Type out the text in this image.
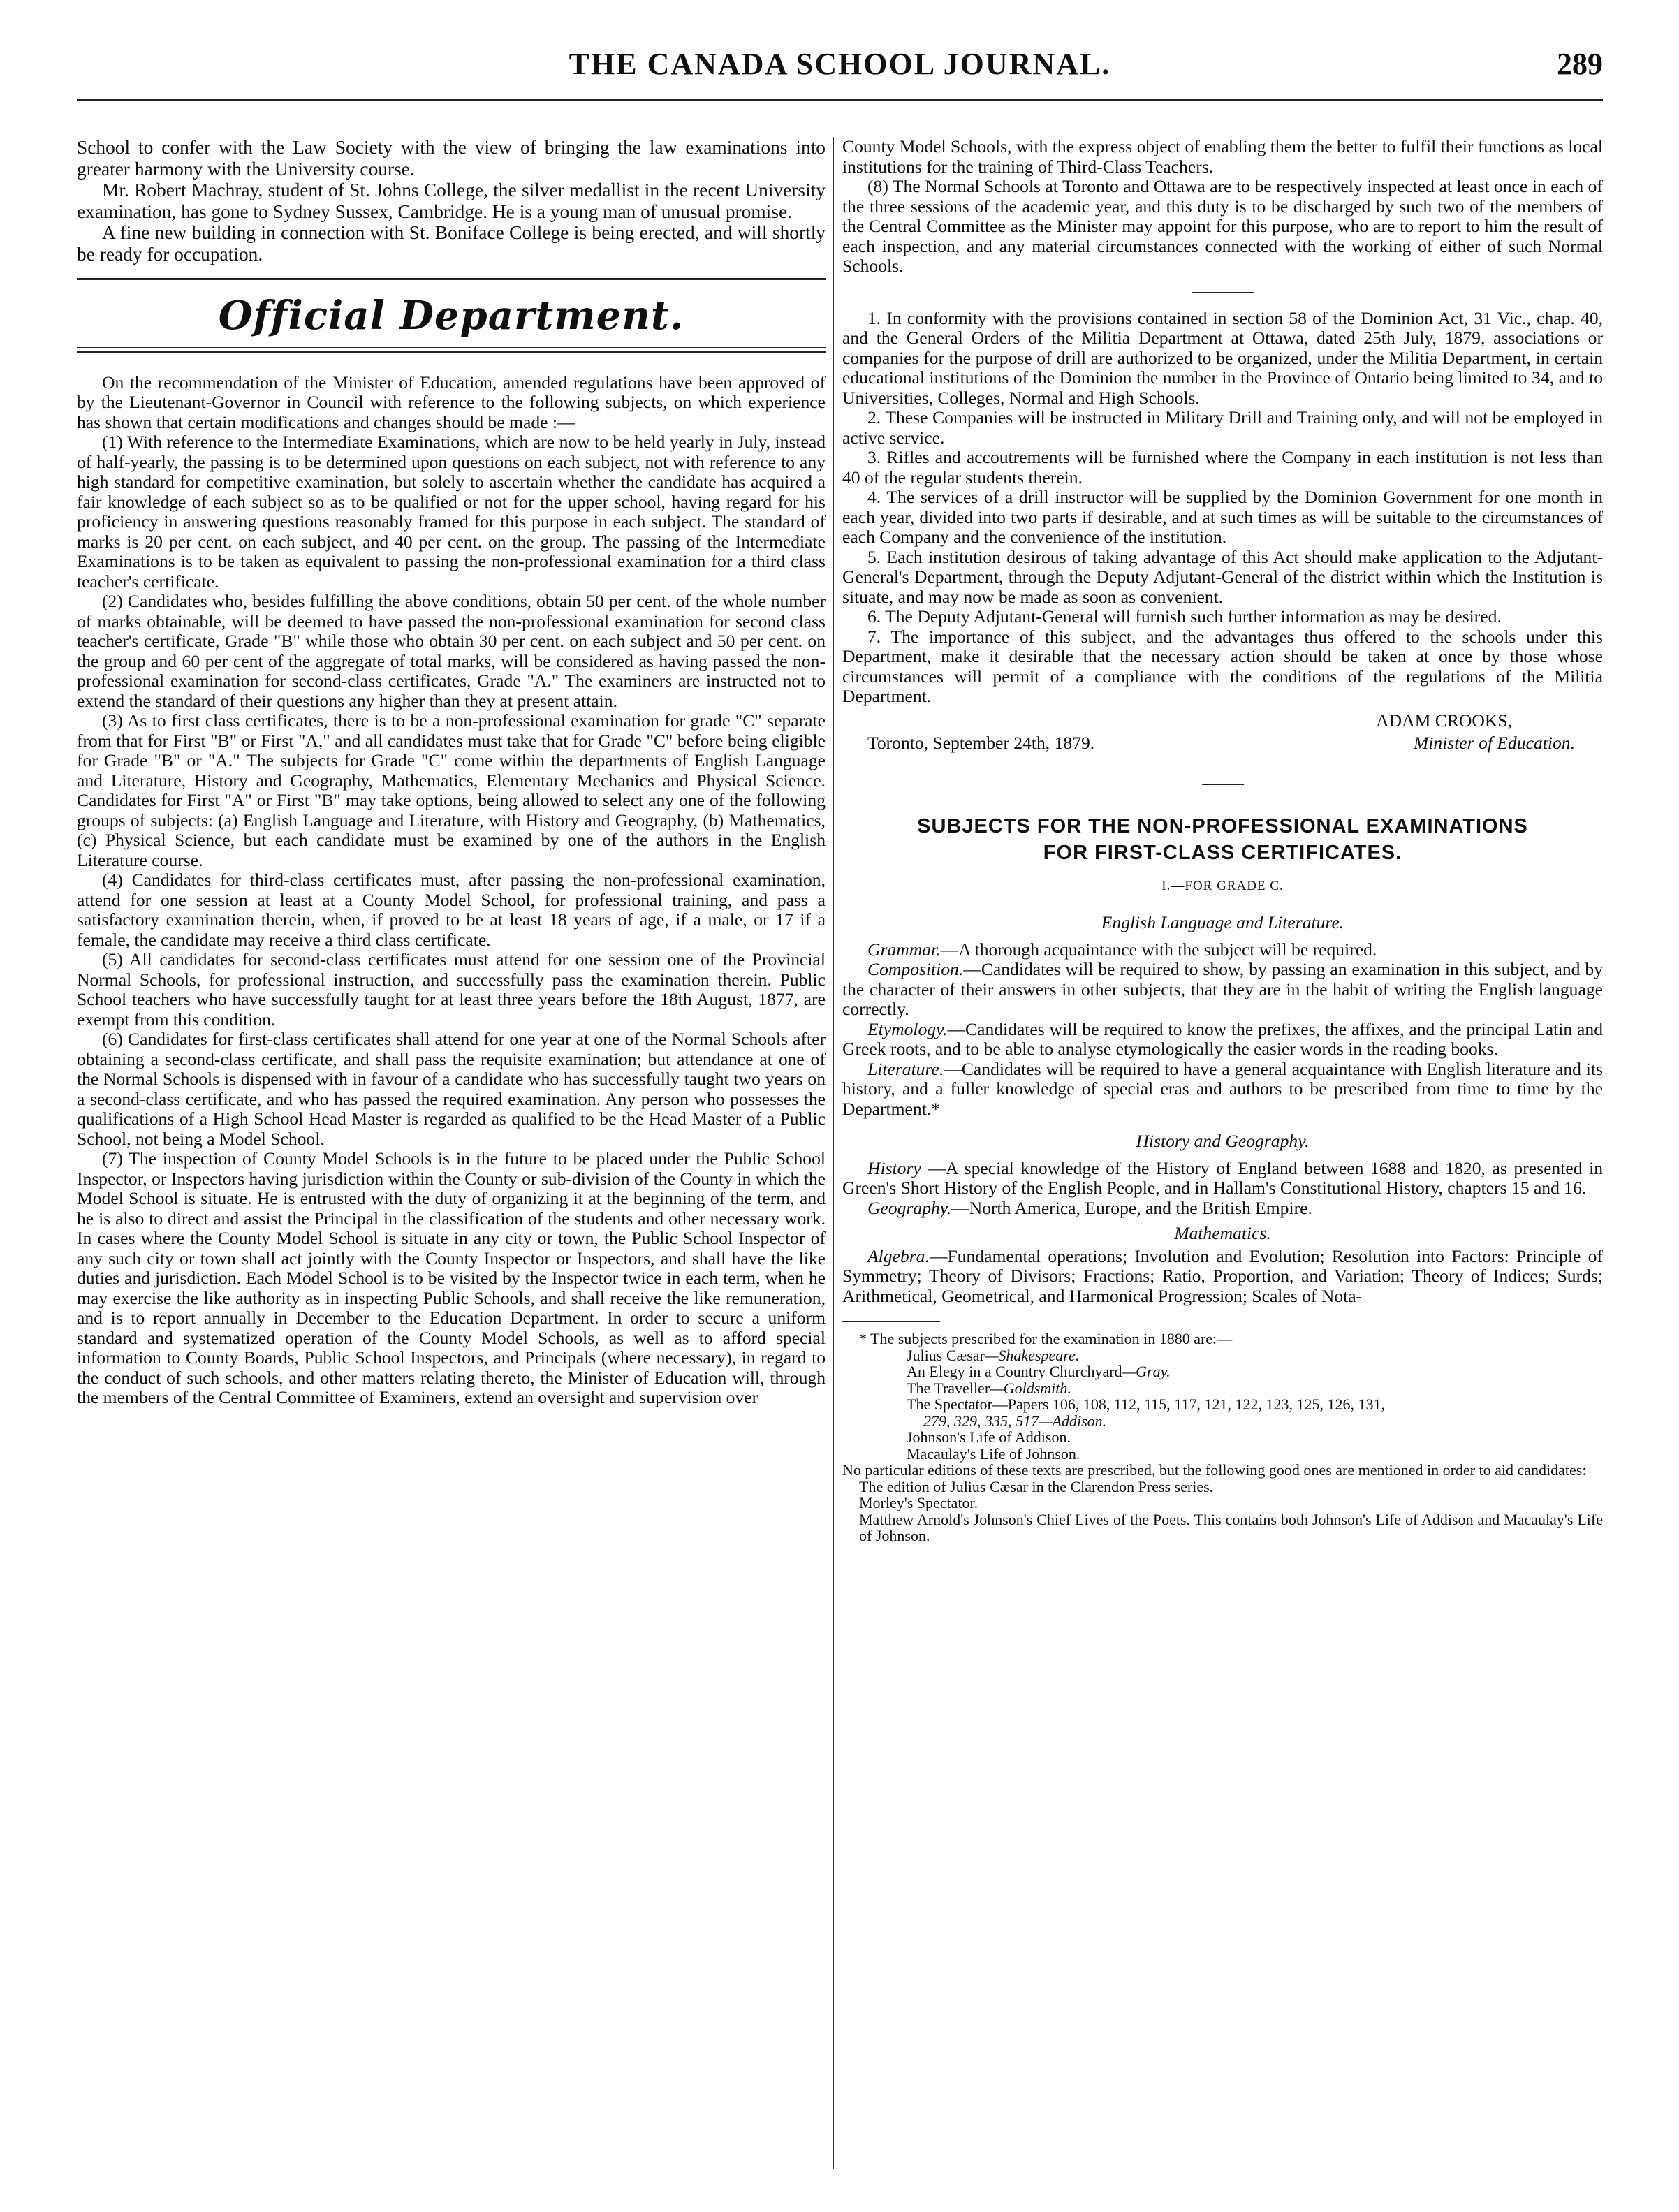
THE CANADA SCHOOL JOURNAL.	289

School to confer with the Law Society with the view of bringing the law examinations into greater harmony with the University course.

Mr. Robert Machray, student of St. Johns College, the silver medallist in the recent University examination, has gone to Sydney Sussex, Cambridge. He is a young man of unusual promise.

A fine new building in connection with St. Boniface College is being erected, and will shortly be ready for occupation.

Official Department.

On the recommendation of the Minister of Education, amended regulations have been approved of by the Lieutenant-Governor in Council with reference to the following subjects, on which experience has shown that certain modifications and changes should be made :—

(1) With reference to the Intermediate Examinations, which are now to be held yearly in July, instead of half-yearly, the passing is to be determined upon questions on each subject, not with reference to any high standard for competitive examination, but solely to ascertain whether the candidate has acquired a fair knowledge of each subject so as to be qualified or not for the upper school, having regard for his proficiency in answering questions reasonably framed for this purpose in each subject. The standard of marks is 20 per cent. on each subject, and 40 per cent. on the group. The passing of the Intermediate Examinations is to be taken as equivalent to passing the non-professional examination for a third class teacher's certificate.

(2) Candidates who, besides fulfilling the above conditions, obtain 50 per cent. of the whole number of marks obtainable, will be deemed to have passed the non-professional examination for second class teacher's certificate, Grade "B" while those who obtain 30 per cent. on each subject and 50 per cent. on the group and 60 per cent of the aggregate of total marks, will be considered as having passed the non-professional examination for second-class certificates, Grade "A." The examiners are instructed not to extend the standard of their questions any higher than they at present attain.

(3) As to first class certificates, there is to be a non-professional examination for grade "C" separate from that for First "B" or First "A," and all candidates must take that for Grade "C" before being eligible for Grade "B" or "A." The subjects for Grade "C" come within the departments of English Language and Literature, History and Geography, Mathematics, Elementary Mechanics and Physical Science. Candidates for First "A" or First "B" may take options, being allowed to select any one of the following groups of subjects: (a) English Language and Literature, with History and Geography, (b) Mathematics, (c) Physical Science, but each candidate must be examined by one of the authors in the English Literature course.

(4) Candidates for third-class certificates must, after passing the non-professional examination, attend for one session at least at a County Model School, for professional training, and pass a satisfactory examination therein, when, if proved to be at least 18 years of age, if a male, or 17 if a female, the candidate may receive a third class certificate.

(5) All candidates for second-class certificates must attend for one session one of the Provincial Normal Schools, for professional instruction, and successfully pass the examination therein. Public School teachers who have successfully taught for at least three years before the 18th August, 1877, are exempt from this condition.

(6) Candidates for first-class certificates shall attend for one year at one of the Normal Schools after obtaining a second-class certificate, and shall pass the requisite examination; but attendance at one of the Normal Schools is dispensed with in favour of a candidate who has successfully taught two years on a second-class certificate, and who has passed the required examination. Any person who possesses the qualifications of a High School Head Master is regarded as qualified to be the Head Master of a Public School, not being a Model School.

(7) The inspection of County Model Schools is in the future to be placed under the Public School Inspector, or Inspectors having jurisdiction within the County or sub-division of the County in which the Model School is situate. He is entrusted with the duty of organizing it at the beginning of the term, and he is also to direct and assist the Principal in the classification of the students and other necessary work. In cases where the County Model School is situate in any city or town, the Public School Inspector of any such city or town shall act jointly with the County Inspector or Inspectors, and shall have the like duties and jurisdiction. Each Model School is to be visited by the Inspector twice in each term, when he may exercise the like authority as in inspecting Public Schools, and shall receive the like remuneration, and is to report annually in December to the Education Department. In order to secure a uniform standard and systematized operation of the County Model Schools, as well as to afford special information to County Boards, Public School Inspectors, and Principals (where necessary), in regard to the conduct of such schools, and other matters relating thereto, the Minister of Education will, through the members of the Central Committee of Examiners, extend an oversight and supervision over

County Model Schools, with the express object of enabling them the better to fulfil their functions as local institutions for the training of Third-Class Teachers.

(8) The Normal Schools at Toronto and Ottawa are to be respectively inspected at least once in each of the three sessions of the academic year, and this duty is to be discharged by such two of the members of the Central Committee as the Minister may appoint for this purpose, who are to report to him the result of each inspection, and any material circumstances connected with the working of either of such Normal Schools.

1. In conformity with the provisions contained in section 58 of the Dominion Act, 31 Vic., chap. 40, and the General Orders of the Militia Department at Ottawa, dated 25th July, 1879, associations or companies for the purpose of drill are authorized to be organized, under the Militia Department, in certain educational institutions of the Dominion the number in the Province of Ontario being limited to 34, and to Universities, Colleges, Normal and High Schools.

2. These Companies will be instructed in Military Drill and Training only, and will not be employed in active service.

3. Rifles and accoutrements will be furnished where the Company in each institution is not less than 40 of the regular students therein.

4. The services of a drill instructor will be supplied by the Dominion Government for one month in each year, divided into two parts if desirable, and at such times as will be suitable to the circumstances of each Company and the convenience of the institution.

5. Each institution desirous of taking advantage of this Act should make application to the Adjutant-General's Department, through the Deputy Adjutant-General of the district within which the Institution is situate, and may now be made as soon as convenient.

6. The Deputy Adjutant-General will furnish such further information as may be desired.

7. The importance of this subject, and the advantages thus offered to the schools under this Department, make it desirable that the necessary action should be taken at once by those whose circumstances will permit of a compliance with the conditions of the regulations of the Militia Department.

ADAM CROOKS,
Toronto, September 24th, 1879.	Minister of Education.
SUBJECTS FOR THE NON-PROFESSIONAL EXAMINATIONS
FOR FIRST-CLASS CERTIFICATES.
I.—FOR GRADE C.
English Language and Literature.

Grammar.—A thorough acquaintance with the subject will be required.

Composition.—Candidates will be required to show, by passing an examination in this subject, and by the character of their answers in other subjects, that they are in the habit of writing the English language correctly.

Etymology.—Candidates will be required to know the prefixes, the affixes, and the principal Latin and Greek roots, and to be able to analyse etymologically the easier words in the reading books.

Literature.—Candidates will be required to have a general acquaintance with English literature and its history, and a fuller knowledge of special eras and authors to be prescribed from time to time by the Department.*

History and Geography.

History —A special knowledge of the History of England between 1688 and 1820, as presented in Green's Short History of the English People, and in Hallam's Constitutional History, chapters 15 and 16.

Geography.—North America, Europe, and the British Empire.

Mathematics.

Algebra.—Fundamental operations; Involution and Evolution; Resolution into Factors: Principle of Symmetry; Theory of Divisors; Fractions; Ratio, Proportion, and Variation; Theory of Indices; Surds; Arithmetical, Geometrical, and Harmonical Progression; Scales of Nota-

* The subjects prescribed for the examination in 1880 are:—

Julius Cæsar—Shakespeare.

An Elegy in a Country Churchyard—Gray.

The Traveller—Goldsmith.

The Spectator—Papers 106, 108, 112, 115, 117, 121, 122, 123, 125, 126, 131,

279, 329, 335, 517—Addison.

Johnson's Life of Addison.

Macaulay's Life of Johnson.

No particular editions of these texts are prescribed, but the following good ones are mentioned in order to aid candidates:

The edition of Julius Cæsar in the Clarendon Press series.

Morley's Spectator.

Matthew Arnold's Johnson's Chief Lives of the Poets. This contains both Johnson's Life of Addison and Macaulay's Life of Johnson.
